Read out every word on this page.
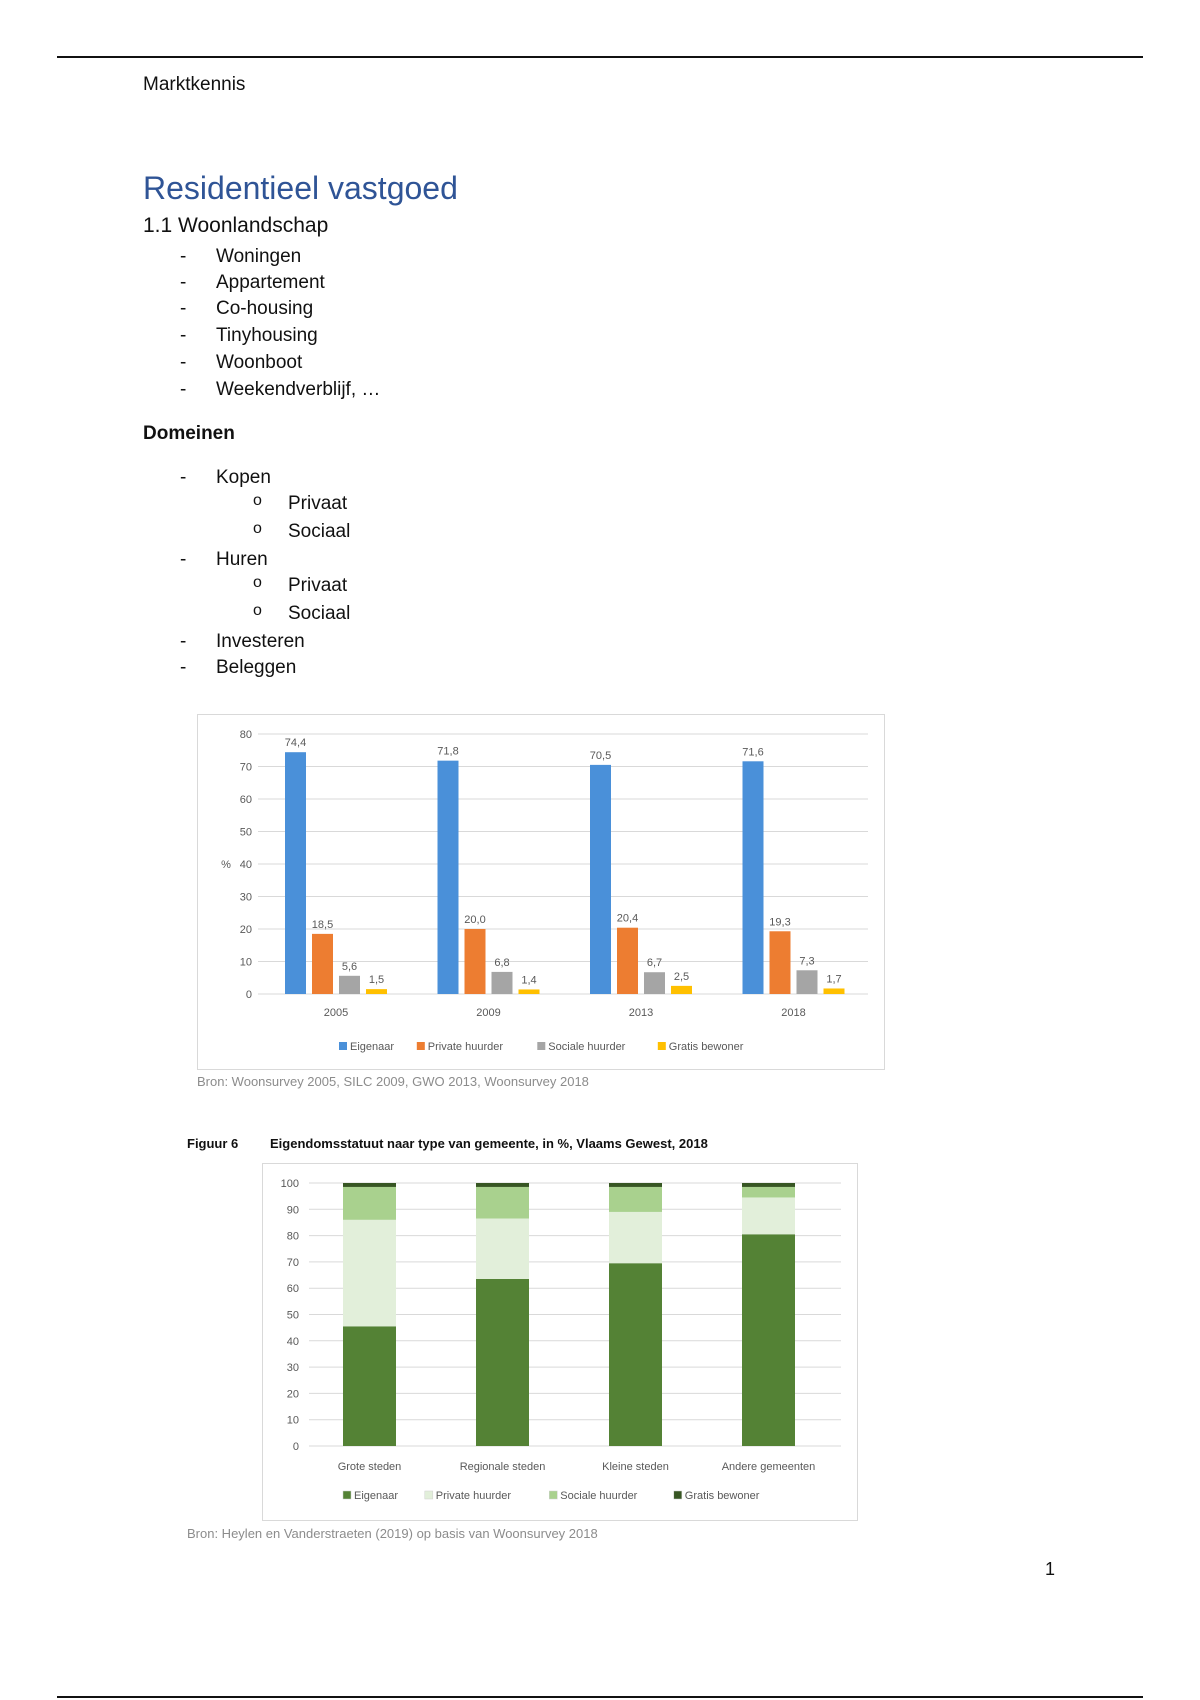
Marktkennis
Residentieel vastgoed
1.1 Woonlandschap
- Woningen
- Appartement
- Co-housing
- Tinyhousing
- Woonboot
- Weekendverblijf, …
Domeinen
- Kopen
o Privaat
o Sociaal
- Huren
o Privaat
o Sociaal
- Investeren
- Beleggen
0
10
20
30
40
50
60
70
80
%
74,4
18,5
5,6
1,5
2005
71,8
20,0
6,8
1,4
2009
70,5
20,4
6,7
2,5
2013
71,6
19,3
7,3
1,7
2018
Eigenaar	Private huurder	Sociale huurder	Gratis bewoner
Bron: Woonsurvey 2005, SILC 2009, GWO 2013, Woonsurvey 2018
Figuur 6 Eigendomsstatuut naar type van gemeente, in %, Vlaams Gewest, 2018
0
10
20
30
40
50
60
70
80
90
100
Grote steden	Regionale steden	Kleine steden	Andere gemeenten
Eigenaar	Private huurder	Sociale huurder	Gratis bewoner
Bron: Heylen en Vanderstraeten (2019) op basis van Woonsurvey 2018
1
